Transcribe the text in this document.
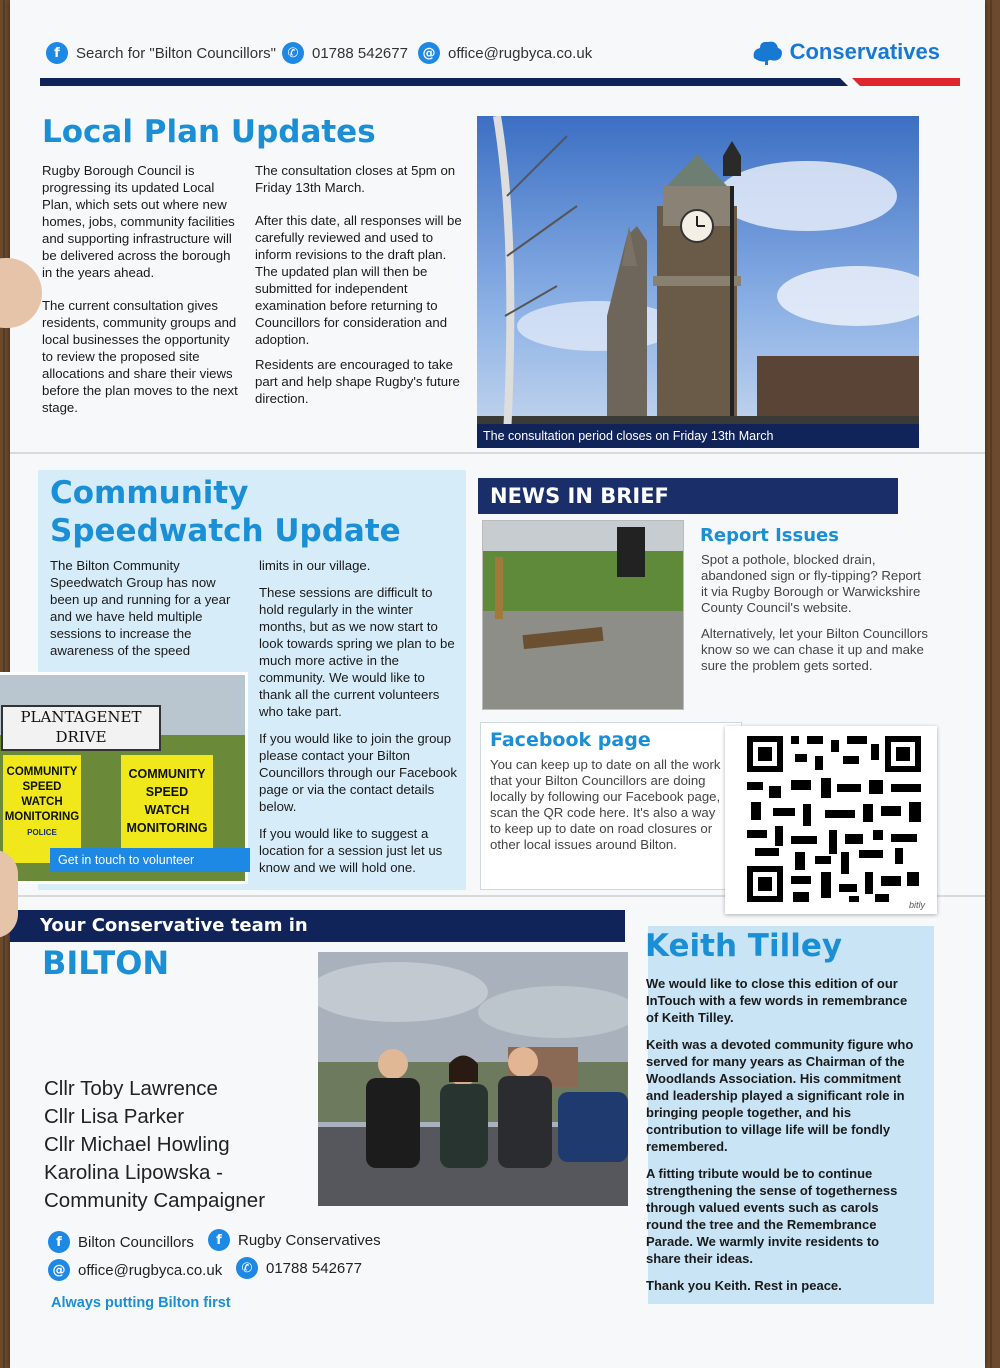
f	Search for "Bilton Councillors" ✆ 01788 542677	@ office@rugbyca.co.uk	Conservatives
Local Plan Updates

Rugby Borough Council is progressing its updated Local Plan, which sets out where new homes, jobs, community facilities and supporting infrastructure will be delivered across the borough in the years ahead.

The current consultation gives residents, community groups and local businesses the opportunity to review the proposed site allocations and share their views before the plan moves to the next stage.

The consultation closes at 5pm on Friday 13th March.

After this date, all responses will be carefully reviewed and used to inform revisions to the draft plan. The updated plan will then be submitted for independent examination before returning to Councillors for consideration and adoption.

Residents are encouraged to take part and help shape Rugby's future direction.

The consultation period closes on Friday 13th March
Community
Speedwatch Update

The Bilton Community Speedwatch Group has now been up and running for a year and we have held multiple sessions to increase the awareness of the speed

limits in our village.

These sessions are difficult to hold regularly in the winter months, but as we now start to look towards spring we plan to be much more active in the community. We would like to thank all the current volunteers who take part.

If you would like to join the group please contact your Bilton Councillors through our Facebook page or via the contact details below.

If you would like to suggest a location for a session just let us know and we will hold one.

PLANTAGENET
DRIVE
COMMUNITY
SPEED
WATCH
MONITORING
POLICE
COMMUNITY
SPEED
WATCH
MONITORING
Get in touch to volunteer
NEWS IN BRIEF
Report Issues

Spot a pothole, blocked drain, abandoned sign or fly-tipping? Report it via Rugby Borough or Warwickshire County Council's website.

Alternatively, let your Bilton Councillors know so we can chase it up and make sure the problem gets sorted.

Facebook page
You can keep up to date on all the work that your Bilton Councillors are doing locally by following our Facebook page, scan the QR code here. It's also a way to keep up to date on road closures or other local issues around Bilton.
bitly
Your Conservative team in
BILTON
Cllr Toby Lawrence
Cllr Lisa Parker
Cllr Michael Howling
Karolina Lipowska -
Community Campaigner
f	Bilton Councillors	f	Rugby Conservatives
@ office@rugbyca.co.uk	✆ 01788 542677
Always putting Bilton first
Keith Tilley

We would like to close this edition of our InTouch with a few words in remembrance of Keith Tilley.

Keith was a devoted community figure who served for many years as Chairman of the Woodlands Association. His commitment and leadership played a significant role in bringing people together, and his contribution to village life will be fondly remembered.

A fitting tribute would be to continue strengthening the sense of togetherness through valued events such as carols round the tree and the Remembrance Parade. We warmly invite residents to share their ideas.

Thank you Keith. Rest in peace.
